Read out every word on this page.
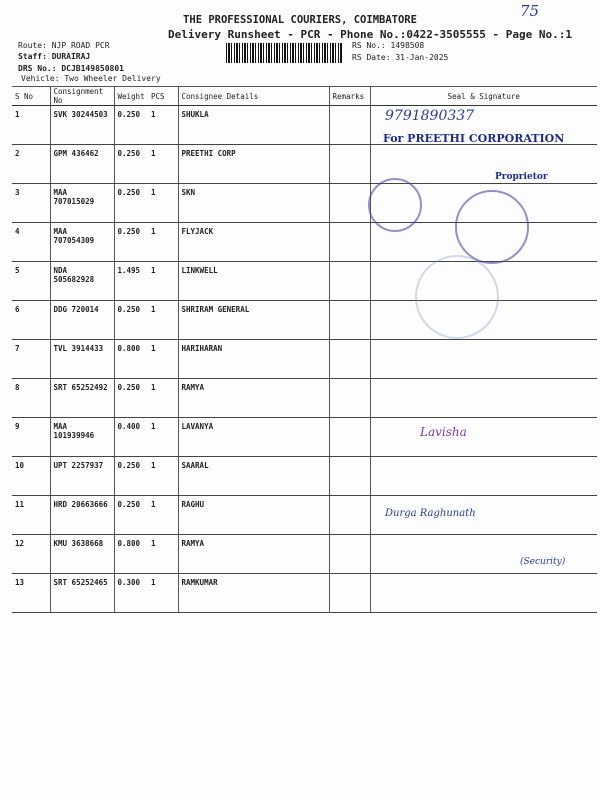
THE PROFESSIONAL COURIERS, COIMBATORE
Delivery Runsheet - PCR - Phone No.:0422-3505555 - Page No.:1
Route: NJP ROAD PCR
Staff: DURAIRAJ
DRS No.: DCJB149850801
Vehicle: Two Wheeler Delivery
RS No.: 1498508
RS Date: 31-Jan-2025
75
S No	Consignment No	Weight	PCS	Consignee Details	Remarks	Seal & Signature
1	SVK 30244503	0.250	1	SHUKLA		
2	GPM 436462	0.250	1	PREETHI CORP		
3	MAA 707015029	0.250	1	SKN		
4	MAA 707054309	0.250	1	FLYJACK		
5	NDA 505682928	1.495	1	LINKWELL		
6	DDG 720014	0.250	1	SHRIRAM GENERAL		
7	TVL 3914433	0.800	1	HARIHARAN		
8	SRT 65252492	0.250	1	RAMYA		
9	MAA 101939946	0.400	1	LAVANYA		
10	UPT 2257937	0.250	1	SAARAL		
11	HRD 20663666	0.250	1	RAGHU		
12	KMU 3638668	0.800	1	RAMYA		
13	SRT 65252465	0.300	1	RAMKUMAR		
9791890337
For PREETHI CORPORATION
Proprietor
Lavisha
Durga Raghunath
(Security)
